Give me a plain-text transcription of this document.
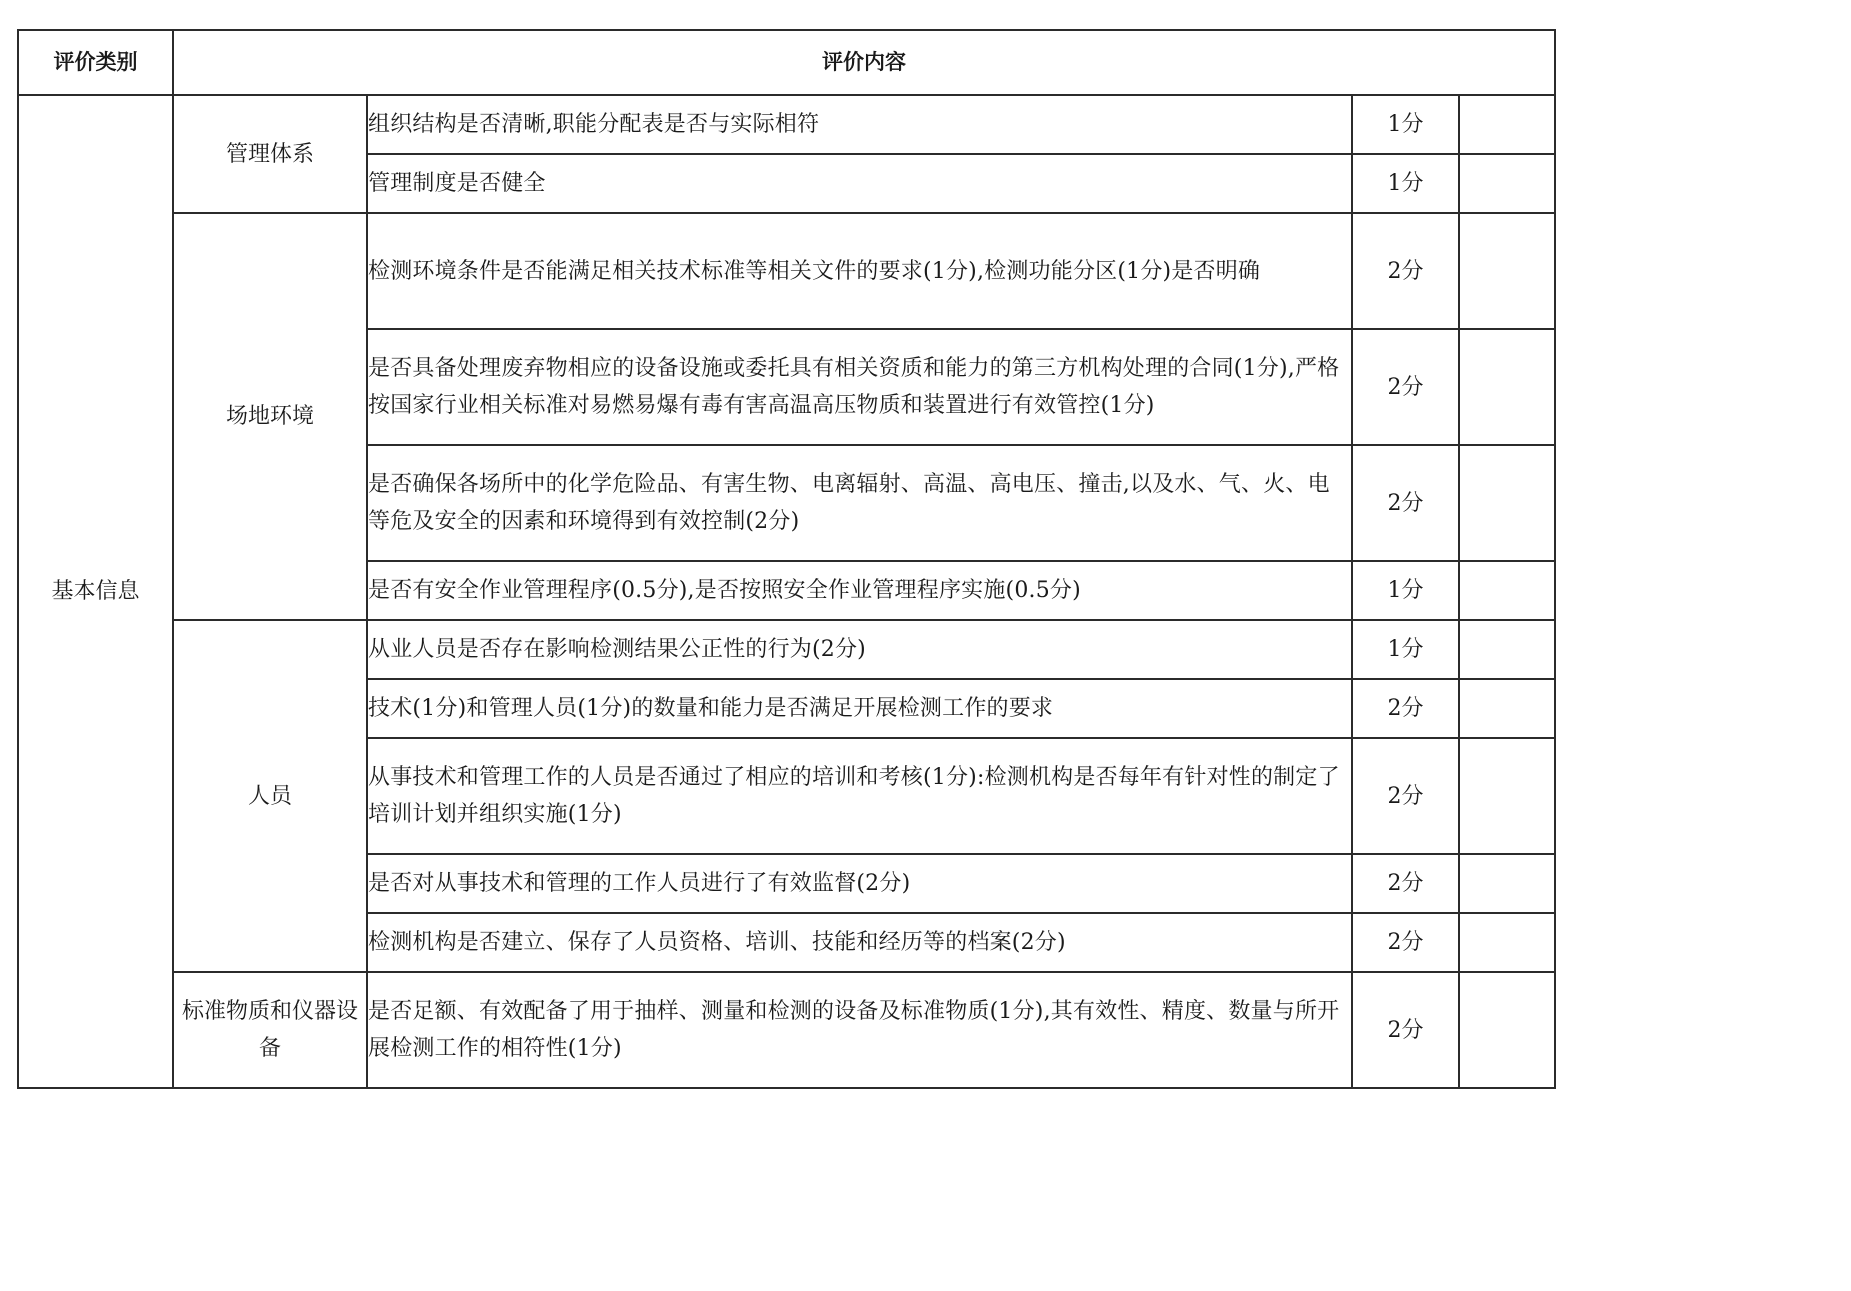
评价类别	评价内容			
基本信息	管理体系	组织结构是否清晰,职能分配表是否与实际相符	1分	
		管理制度是否健全	1分	
	场地环境	检测环境条件是否能满足相关技术标准等相关文件的要求(1分),检测功能分区(1分)是否明确	2分	
		是否具备处理废弃物相应的设备设施或委托具有相关资质和能力的第三方机构处理的合同(1分),严格按国家行业相关标准对易燃易爆有毒有害高温高压物质和装置进行有效管控(1分)	2分	
		是否确保各场所中的化学危险品、有害生物、电离辐射、高温、高电压、撞击,以及水、气、火、电等危及安全的因素和环境得到有效控制(2分)	2分	
		是否有安全作业管理程序(0.5分),是否按照安全作业管理程序实施(0.5分)	1分	
	人员	从业人员是否存在影响检测结果公正性的行为(2分)	1分	
		技术(1分)和管理人员(1分)的数量和能力是否满足开展检测工作的要求	2分	
		从事技术和管理工作的人员是否通过了相应的培训和考核(1分):检测机构是否每年有针对性的制定了培训计划并组织实施(1分)	2分	
		是否对从事技术和管理的工作人员进行了有效监督(2分)	2分	
		检测机构是否建立、保存了人员资格、培训、技能和经历等的档案(2分)	2分	
	标准物质和仪器设备	是否足额、有效配备了用于抽样、测量和检测的设备及标准物质(1分),其有效性、精度、数量与所开展检测工作的相符性(1分)	2分	
